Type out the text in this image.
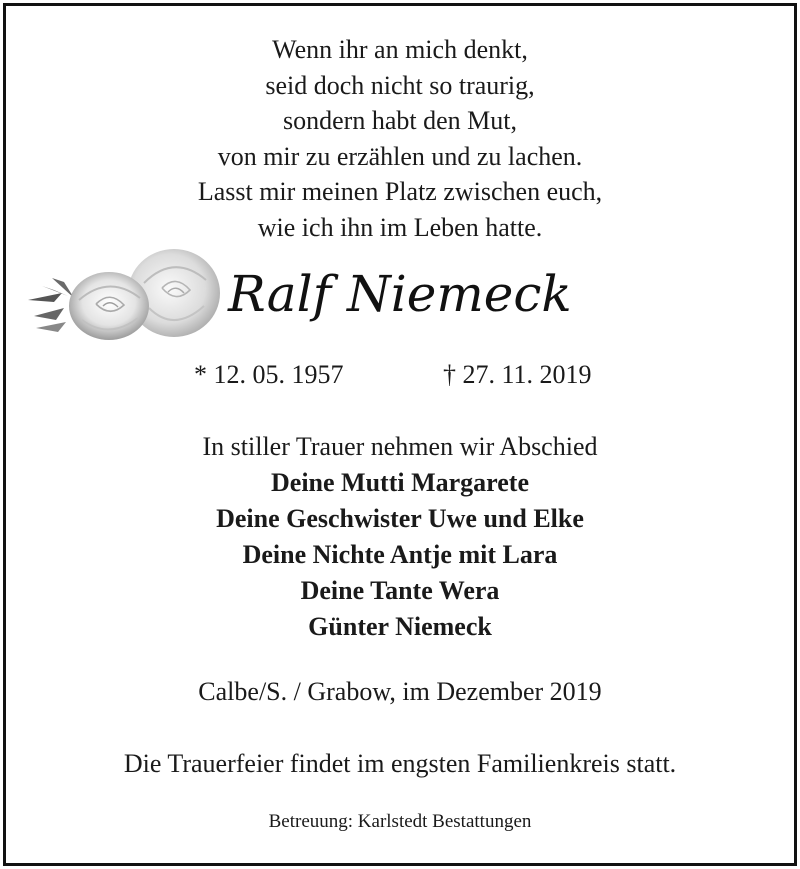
Wenn ihr an mich denkt,
seid doch nicht so traurig,
sondern habt den Mut,
von mir zu erzählen und zu lachen.
Lasst mir meinen Platz zwischen euch,
wie ich ihn im Leben hatte.
Ralf Niemeck
* 12. 05. 1957	† 27. 11. 2019
In stiller Trauer nehmen wir Abschied
Deine Mutti Margarete
Deine Geschwister Uwe und Elke
Deine Nichte Antje mit Lara
Deine Tante Wera
Günter Niemeck
Calbe/S. / Grabow, im Dezember 2019
Die Trauerfeier findet im engsten Familienkreis statt.
Betreuung: Karlstedt Bestattungen
